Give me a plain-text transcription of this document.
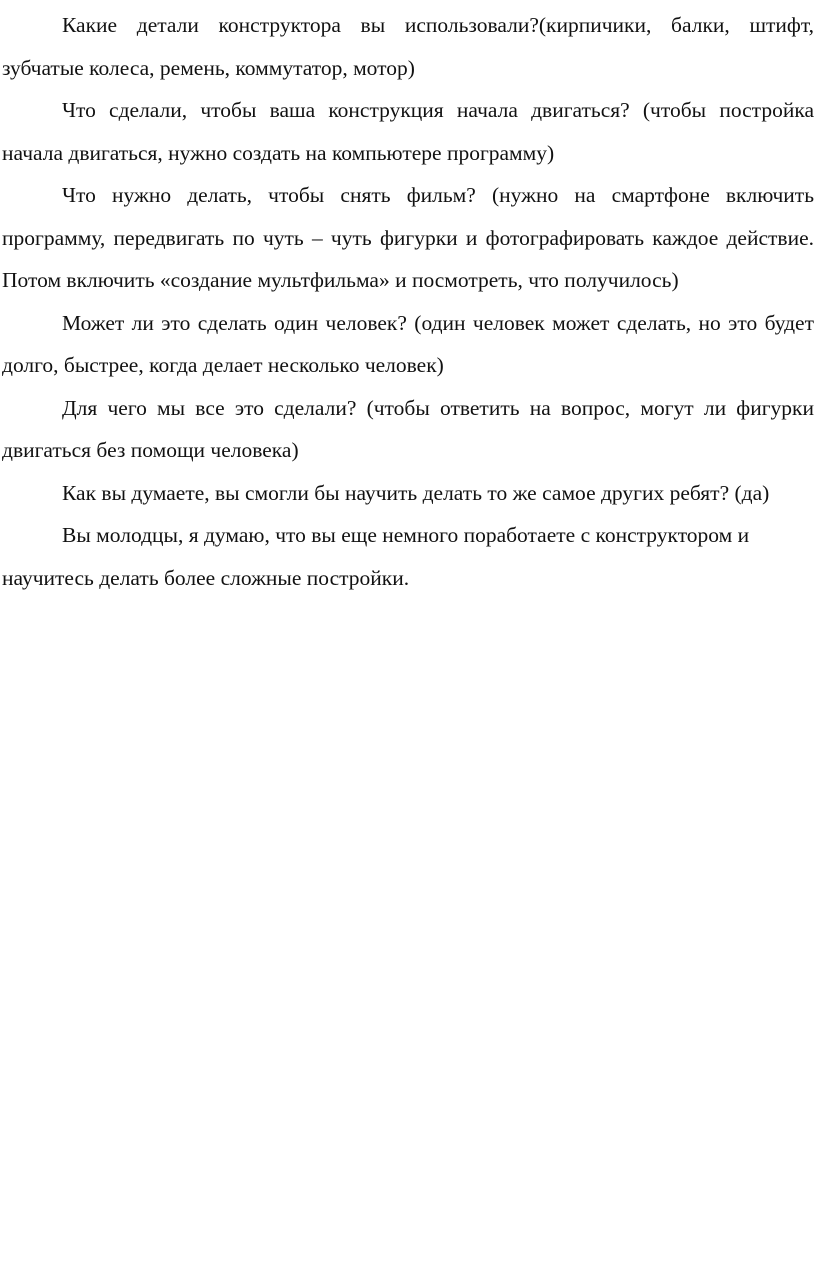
Какие детали конструктора вы использовали?(кирпичики, балки, штифт, зубчатые колеса, ремень, коммутатор, мотор)

Что сделали, чтобы ваша конструкция начала двигаться? (чтобы постройка начала двигаться, нужно создать на компьютере программу)

Что нужно делать, чтобы снять фильм? (нужно на смартфоне включить программу, передвигать по чуть – чуть фигурки и фотографировать каждое действие. Потом включить «создание мультфильма» и посмотреть, что получилось)

Может ли это сделать один человек? (один человек может сделать, но это будет долго, быстрее, когда делает несколько человек)

Для чего мы все это сделали? (чтобы ответить на вопрос, могут ли фигурки двигаться без помощи человека)

Как вы думаете, вы смогли бы научить делать то же самое других ребят? (да)

Вы молодцы, я думаю, что вы еще немного поработаете с конструктором и научитесь делать более сложные постройки.
